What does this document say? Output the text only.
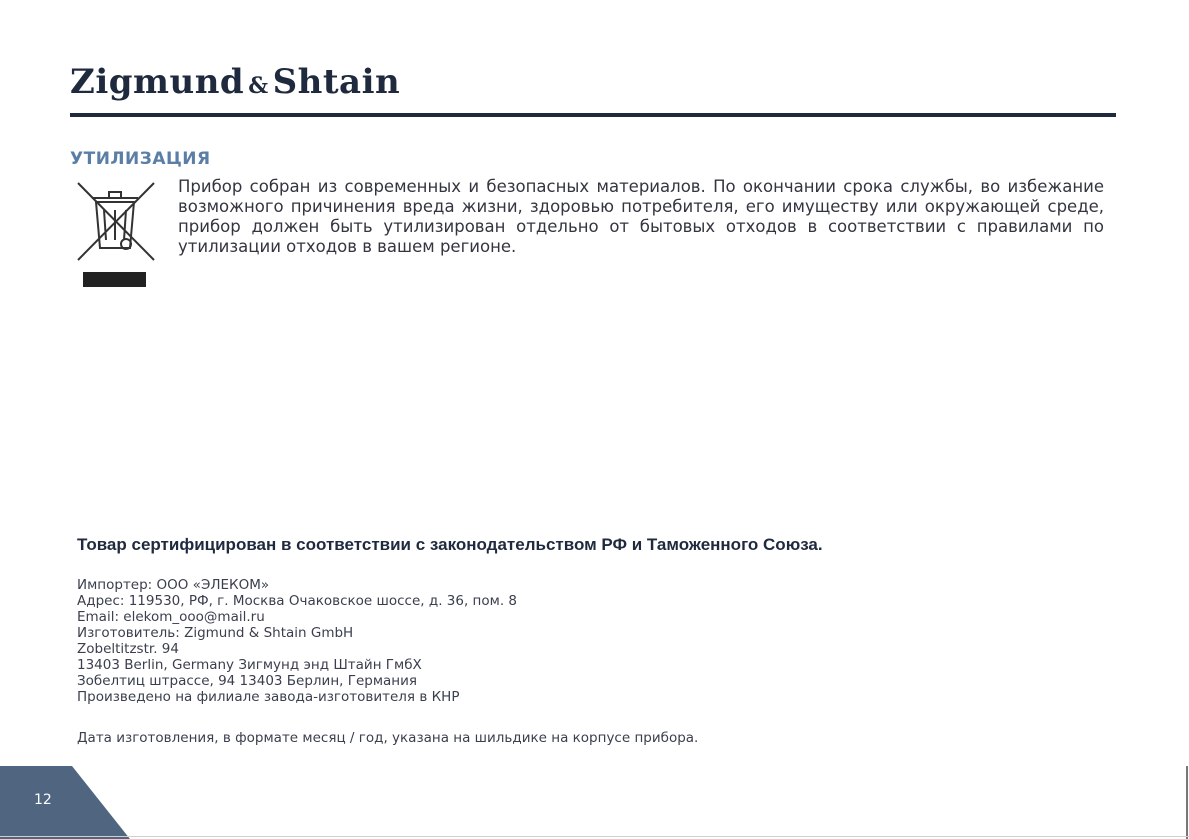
Zigmund & Shtain
УТИЛИЗАЦИЯ

Прибор собран из современных и безопасных материалов. По окончании срока службы, во избежание возможного причинения вреда жизни, здоровью потребителя, его имуществу или окружающей среде, прибор должен быть утилизирован отдельно от бытовых отходов в соответствии с правилами по утилизации отходов в вашем регионе.

Товар сертифицирован в соответствии с законодательством РФ и Таможенного Союза.
Импортер: ООО «ЭЛЕКОМ»
Адрес: 119530, РФ, г. Москва Очаковское шоссе, д. 36, пом. 8
Email: elekom_ooo@mail.ru
Изготовитель: Zigmund & Shtain GmbH
Zobeltitzstr. 94
13403 Berlin, Germany Зигмунд энд Штайн ГмбХ
Зобелтиц штрассе, 94 13403 Берлин, Германия
Произведено на филиале завода-изготовителя в КНР
Дата изготовления, в формате месяц / год, указана на шильдике на корпусе прибора.
12
